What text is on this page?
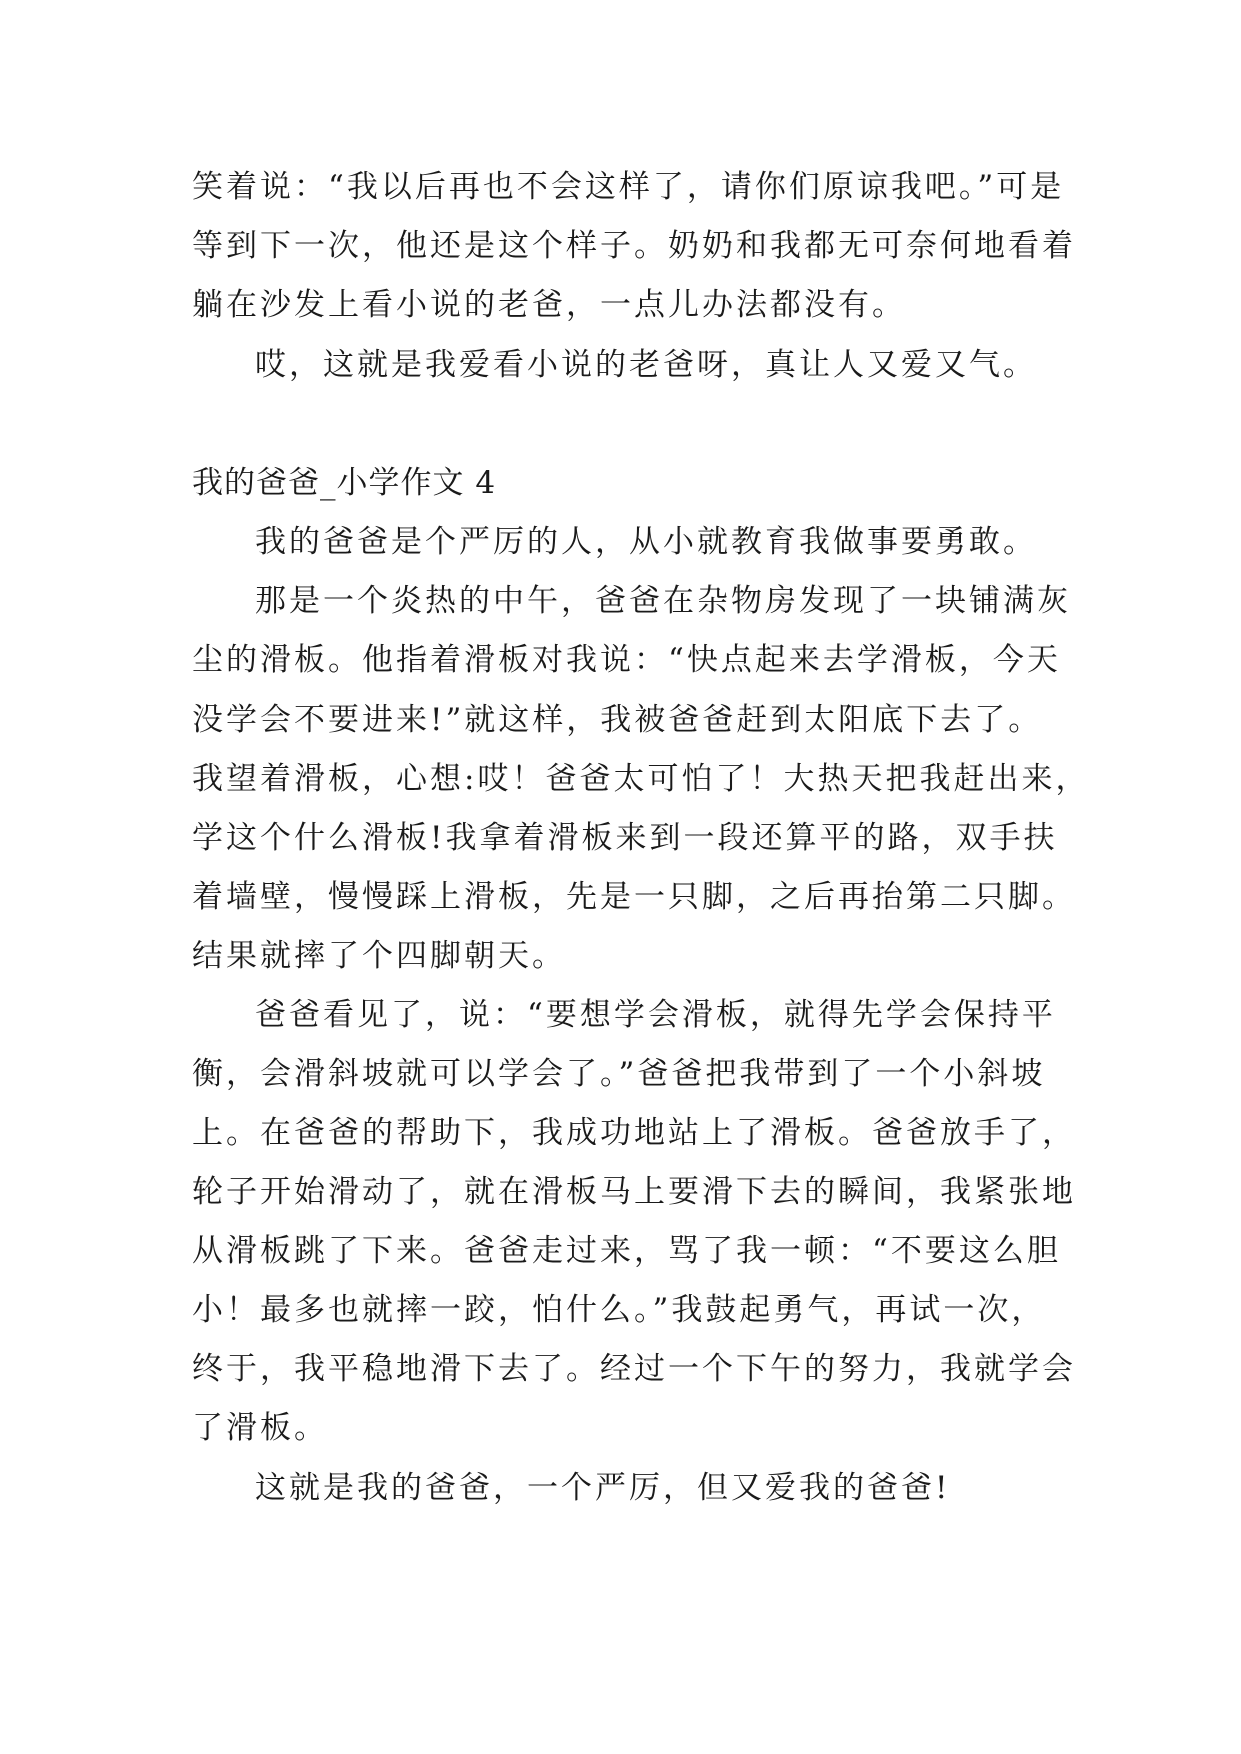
笑着说：“我以后再也不会这样了，请你们原谅我吧。”可是
等到下一次，他还是这个样子。奶奶和我都无可奈何地看着
躺在沙发上看小说的老爸，一点儿办法都没有。
哎，这就是我爱看小说的老爸呀，真让人又爱又气。
我的爸爸_小学作文 4
我的爸爸是个严厉的人，从小就教育我做事要勇敢。
那是一个炎热的中午，爸爸在杂物房发现了一块铺满灰
尘的滑板。他指着滑板对我说：“快点起来去学滑板，今天
没学会不要进来!”就这样，我被爸爸赶到太阳底下去了。
我望着滑板，心想:哎！爸爸太可怕了！大热天把我赶出来，
学这个什么滑板!我拿着滑板来到一段还算平的路，双手扶
着墙壁，慢慢踩上滑板，先是一只脚，之后再抬第二只脚。
结果就摔了个四脚朝天。
爸爸看见了，说：“要想学会滑板，就得先学会保持平
衡，会滑斜坡就可以学会了。”爸爸把我带到了一个小斜坡
上。在爸爸的帮助下，我成功地站上了滑板。爸爸放手了，
轮子开始滑动了，就在滑板马上要滑下去的瞬间，我紧张地
从滑板跳了下来。爸爸走过来，骂了我一顿：“不要这么胆
小！最多也就摔一跤，怕什么。”我鼓起勇气，再试一次，
终于，我平稳地滑下去了。经过一个下午的努力，我就学会
了滑板。
这就是我的爸爸，一个严厉，但又爱我的爸爸!
